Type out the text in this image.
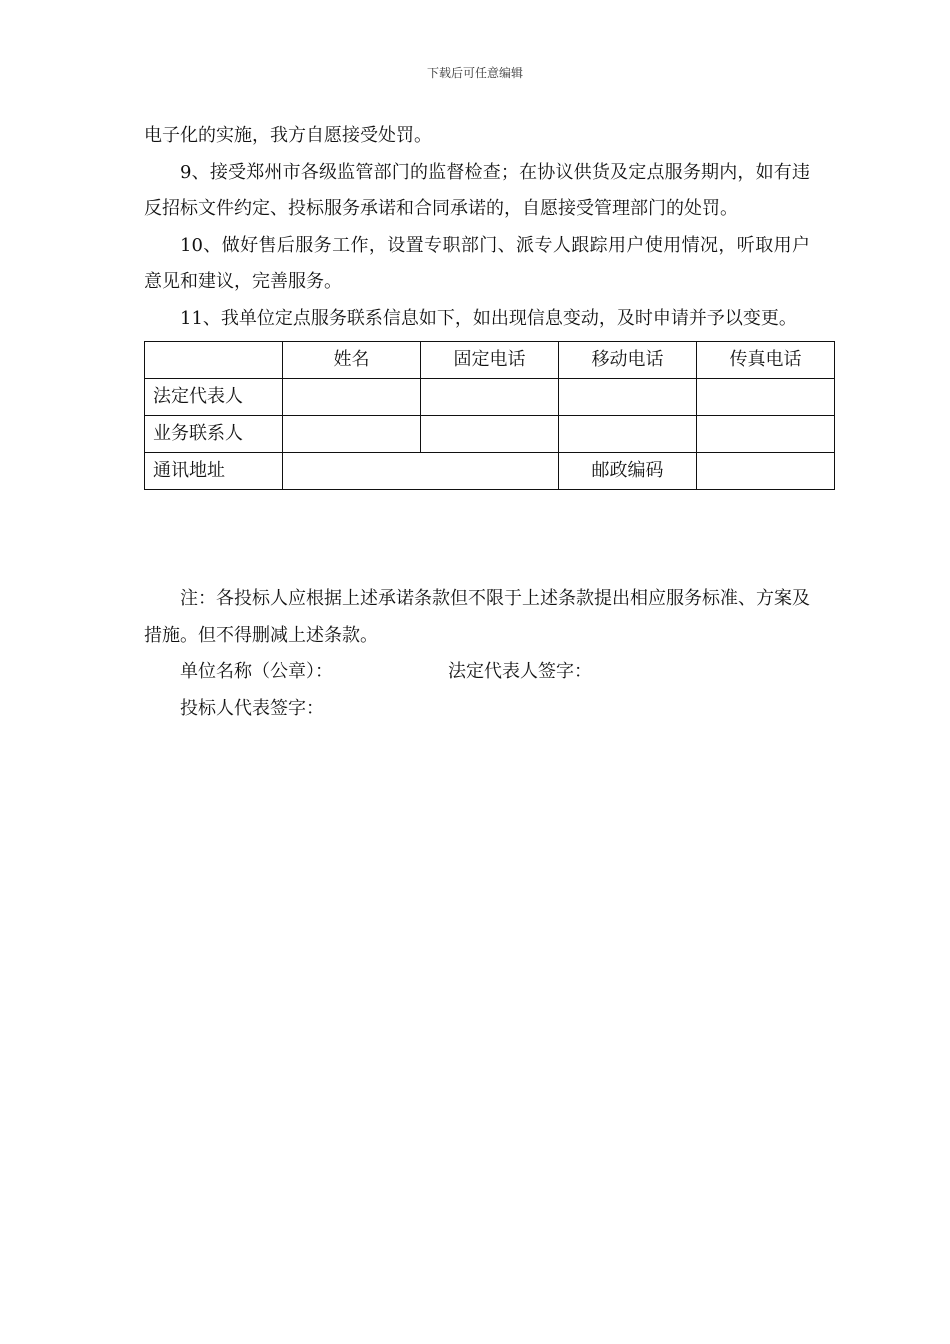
下载后可任意编辑

电子化的实施，我方自愿接受处罚。

9、接受郑州市各级监管部门的监督检查；在协议供货及定点服务期内，如有违反招标文件约定、投标服务承诺和合同承诺的，自愿接受管理部门的处罚。

10、做好售后服务工作，设置专职部门、派专人跟踪用户使用情况，听取用户意见和建议，完善服务。

11、我单位定点服务联系信息如下，如出现信息变动，及时申请并予以变更。

	姓名	固定电话	移动电话	传真电话
法定代表人				
业务联系人				
通讯地址			邮政编码	

注：各投标人应根据上述承诺条款但不限于上述条款提出相应服务标准、方案及措施。但不得删减上述条款。

单位名称（公章）：	法定代表人签字：

投标人代表签字：
